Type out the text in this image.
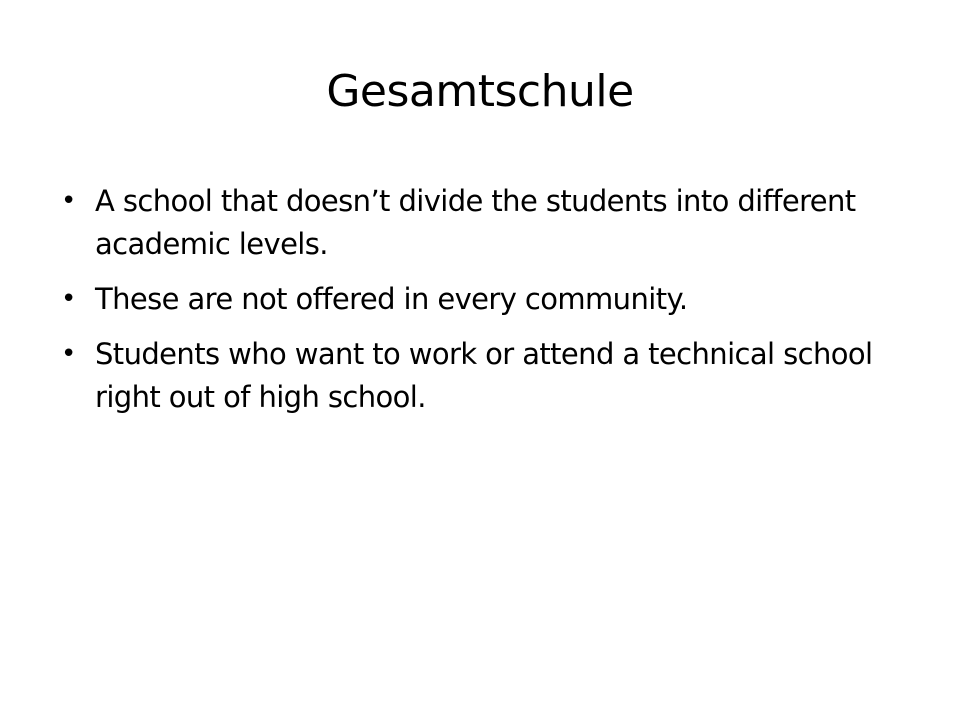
Gesamtschule
• A school that doesn’t divide the students into different academic levels.
• These are not offered in every community.
• Students who want to work or attend a technical school right out of high school.
